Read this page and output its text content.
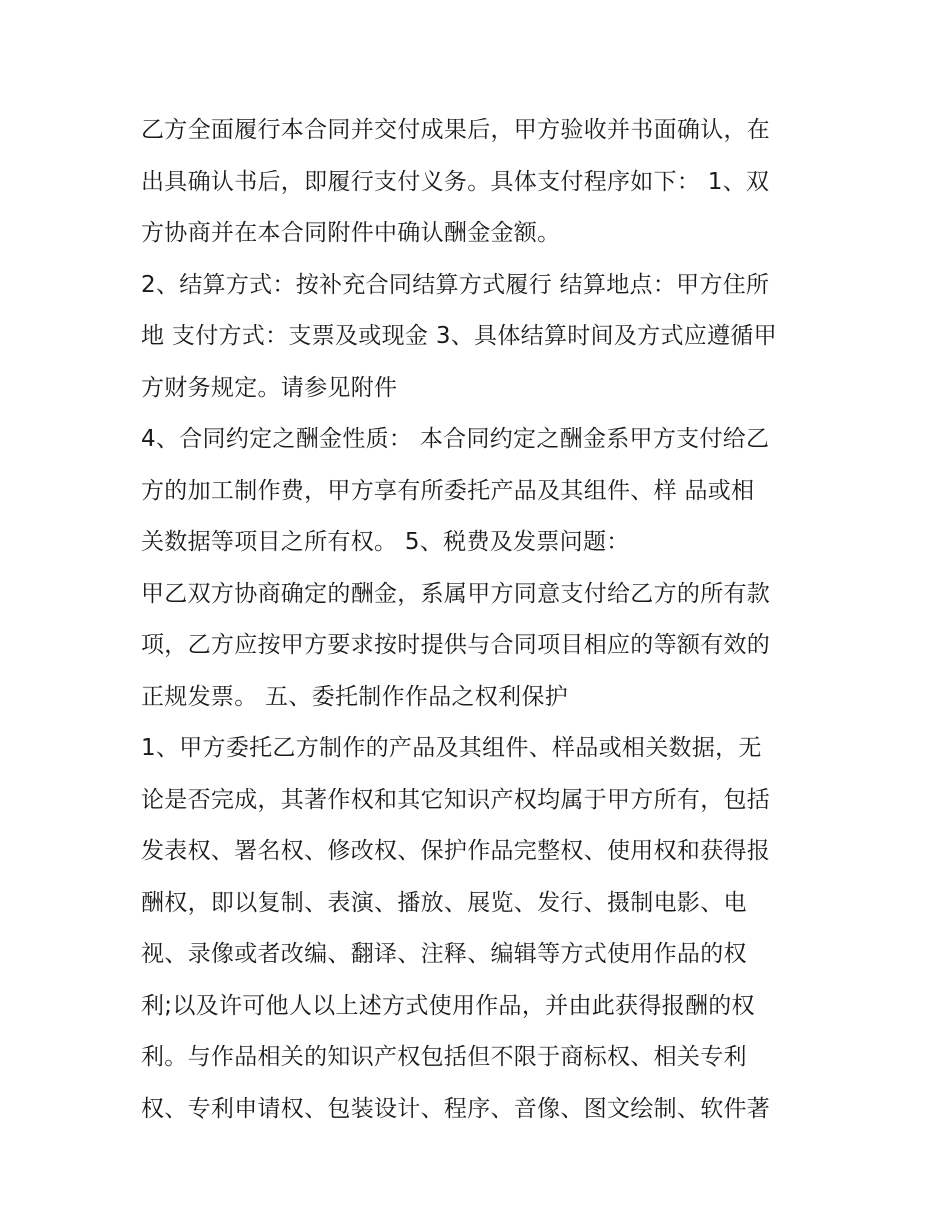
乙方全面履行本合同并交付成果后，甲方验收并书面确认，在
出具确认书后，即履行支付义务。具体支付程序如下： 1、双
方协商并在本合同附件中确认酬金金额。
2、结算方式：按补充合同结算方式履行 结算地点：甲方住所
地 支付方式：支票及或现金 3、具体结算时间及方式应遵循甲
方财务规定。请参见附件
4、合同约定之酬金性质： 本合同约定之酬金系甲方支付给乙
方的加工制作费，甲方享有所委托产品及其组件、样 品或相
关数据等项目之所有权。 5、税费及发票问题：
甲乙双方协商确定的酬金，系属甲方同意支付给乙方的所有款
项，乙方应按甲方要求按时提供与合同项目相应的等额有效的
正规发票。 五、委托制作作品之权利保护
1、甲方委托乙方制作的产品及其组件、样品或相关数据，无
论是否完成，其著作权和其它知识产权均属于甲方所有，包括
发表权、署名权、修改权、保护作品完整权、使用权和获得报
酬权，即以复制、表演、播放、展览、发行、摄制电影、电
视、录像或者改编、翻译、注释、编辑等方式使用作品的权
利;以及许可他人以上述方式使用作品，并由此获得报酬的权
利。与作品相关的知识产权包括但不限于商标权、相关专利
权、专利申请权、包装设计、程序、音像、图文绘制、软件著
